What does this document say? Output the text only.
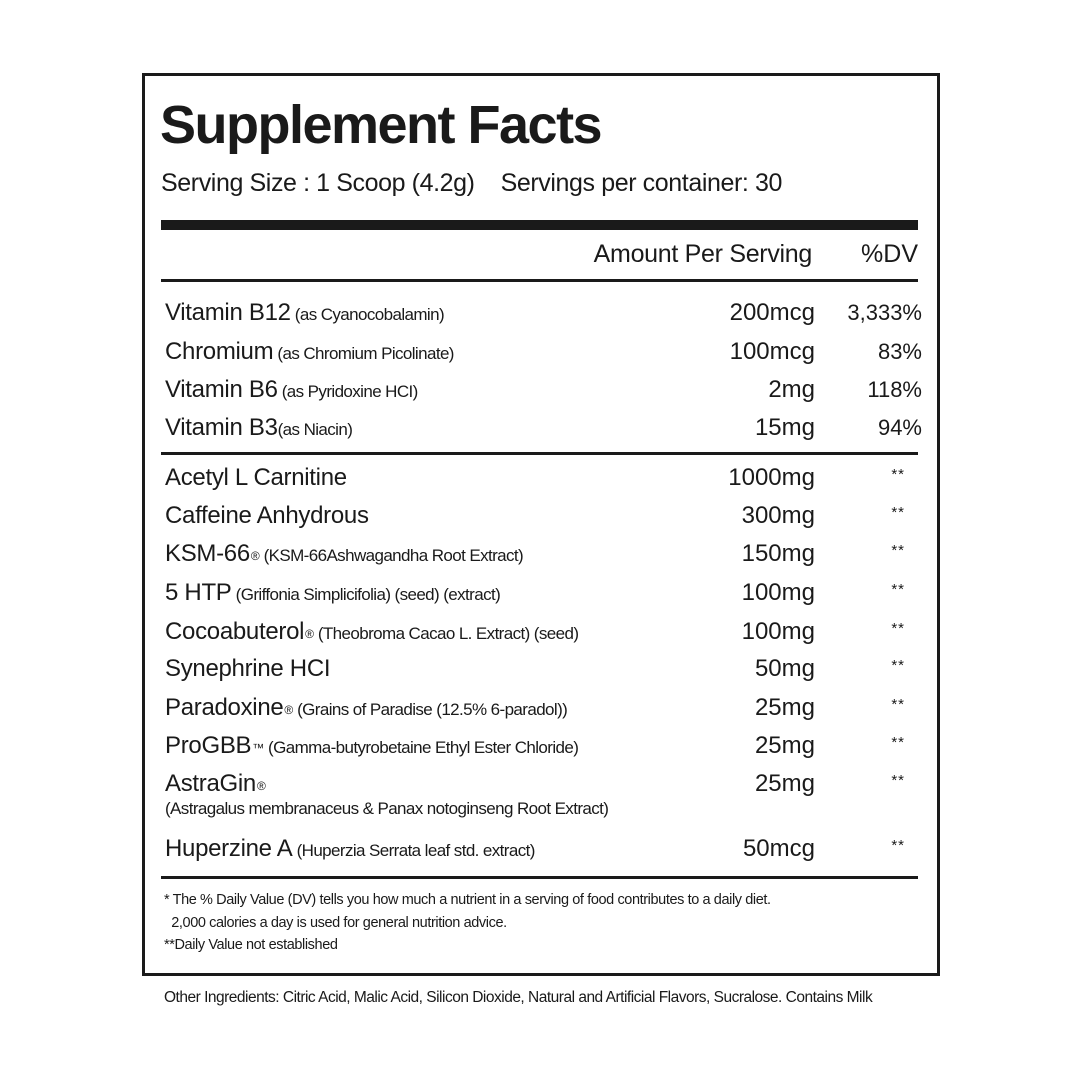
Supplement Facts
Serving Size : 1 Scoop (4.2g) Servings per container: 30
Amount Per Serving %DV
Vitamin B12 (as Cyanocobalamin)	200mcg 3,333%
Chromium (as Chromium Picolinate)	100mcg	83%
Vitamin B6 (as Pyridoxine HCI)	2mg 118%
Vitamin B3(as Niacin)	15mg	94%
Acetyl L Carnitine	1000mg	**
Caffeine Anhydrous	300mg	**
KSM-66® (KSM-66Ashwagandha Root Extract)	150mg	**
5 HTP (Griffonia Simplicifolia) (seed) (extract)	100mg	**
Cocoabuterol® (Theobroma Cacao L. Extract) (seed)	100mg	**
Synephrine HCI	50mg	**
Paradoxine® (Grains of Paradise (12.5% 6-paradol))	25mg	**
ProGBB™ (Gamma-butyrobetaine Ethyl Ester Chloride)	25mg	**
AstraGin®
(Astragalus membranaceus & Panax notoginseng Root Extract)
25mg	**
Huperzine A (Huperzia Serrata leaf std. extract)	50mcg	**
* The % Daily Value (DV) tells you how much a nutrient in a serving of food contributes to a daily diet.
2,000 calories a day is used for general nutrition advice.
**Daily Value not established
Other Ingredients: Citric Acid, Malic Acid, Silicon Dioxide, Natural and Artificial Flavors, Sucralose. Contains Milk
